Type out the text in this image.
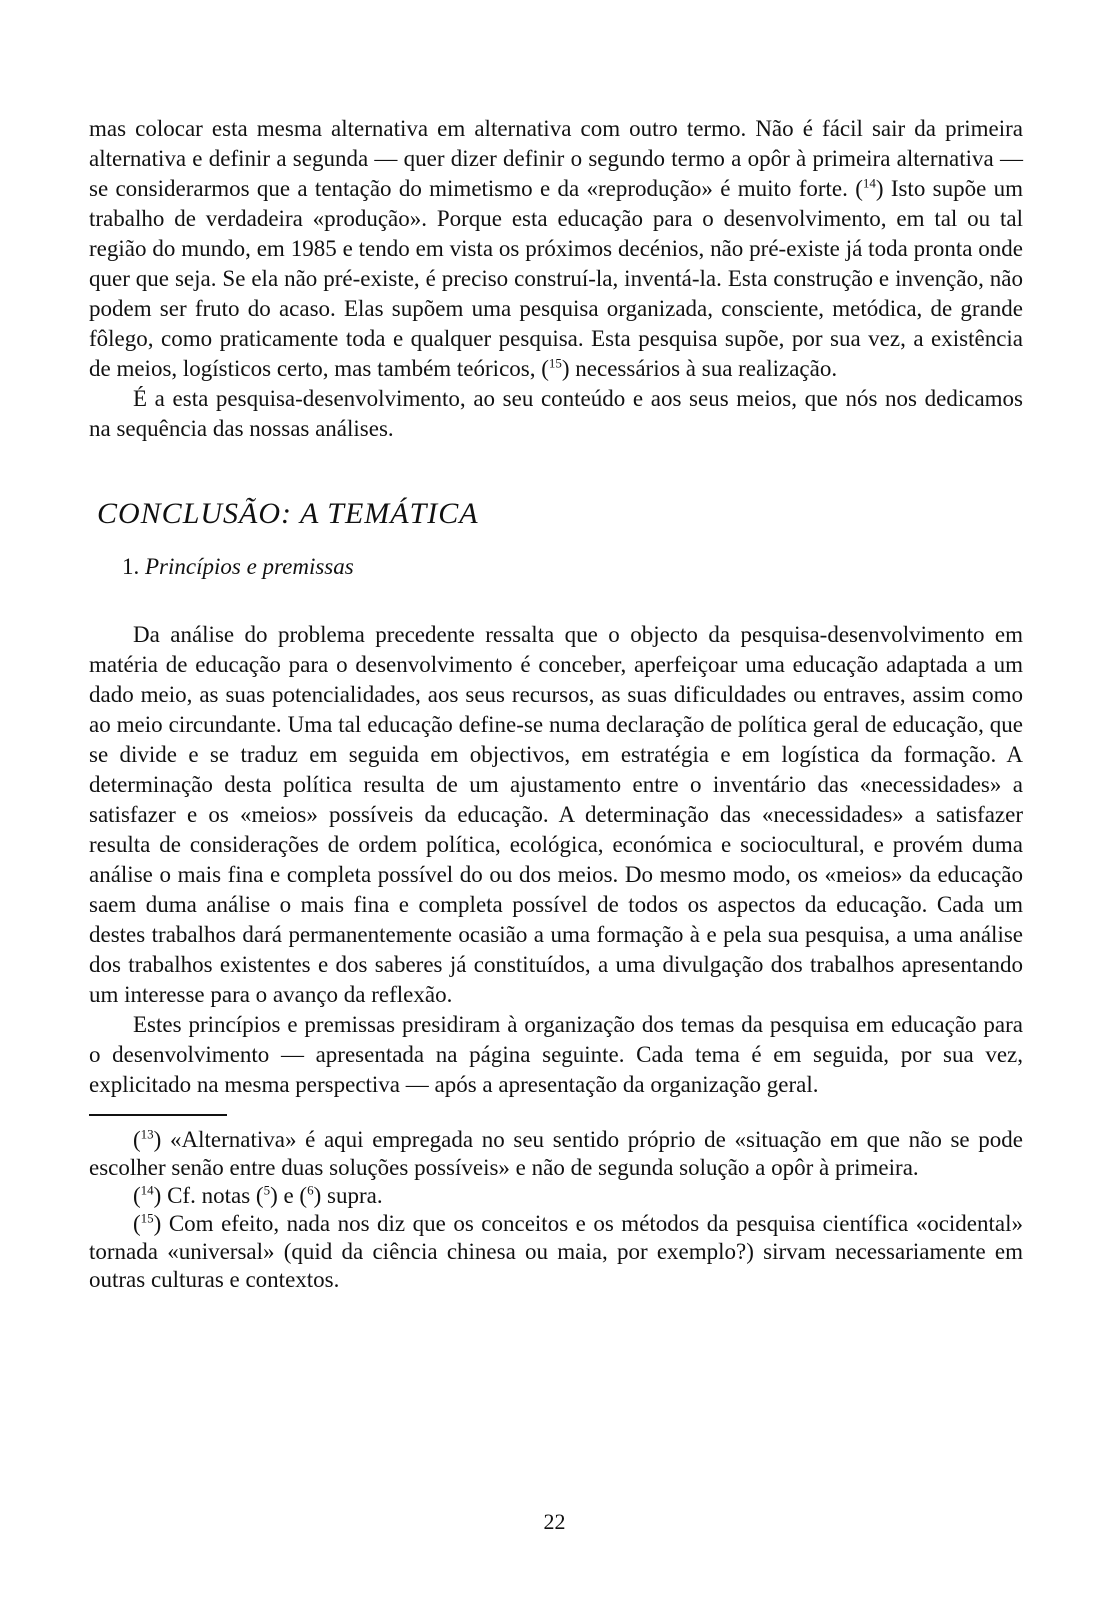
mas colocar esta mesma alternativa em alternativa com outro termo. Não é fácil sair da primeira alternativa e definir a segunda — quer dizer definir o segundo termo a opôr à primeira alternativa — se considerarmos que a tentação do mimetismo e da «reprodução» é muito forte. ($^{14}$) Isto supõe um trabalho de verdadeira «produção». Porque esta educação para o desenvolvimento, em tal ou tal região do mundo, em 1985 e tendo em vista os próximos decénios, não pré-existe já toda pronta onde quer que seja. Se ela não pré-existe, é preciso construí-la, inventá-la. Esta construção e invenção, não podem ser fruto do acaso. Elas supõem uma pesquisa organizada, consciente, metódica, de grande fôlego, como praticamente toda e qualquer pesquisa. Esta pesquisa supõe, por sua vez, a existência de meios, logísticos certo, mas também teóricos, ($^{15}$) necessários à sua realização.

É a esta pesquisa-desenvolvimento, ao seu conteúdo e aos seus meios, que nós nos dedicamos na sequência das nossas análises.

CONCLUSÃO: A TEMÁTICA

1. Princípios e premissas

Da análise do problema precedente ressalta que o objecto da pesquisa-desenvolvimento em matéria de educação para o desenvolvimento é conceber, aperfeiçoar uma educação adaptada a um dado meio, as suas potencialidades, aos seus recursos, as suas dificuldades ou entraves, assim como ao meio circundante. Uma tal educação define-se numa declaração de política geral de educação, que se divide e se traduz em seguida em objectivos, em estratégia e em logística da formação. A determinação desta política resulta de um ajustamento entre o inventário das «necessidades» a satisfazer e os «meios» possíveis da educação. A determinação das «necessidades» a satisfazer resulta de considerações de ordem política, ecológica, económica e sociocultural, e provém duma análise o mais fina e completa possível do ou dos meios. Do mesmo modo, os «meios» da educação saem duma análise o mais fina e completa possível de todos os aspectos da educação. Cada um destes trabalhos dará permanentemente ocasião a uma formação à e pela sua pesquisa, a uma análise dos trabalhos existentes e dos saberes já constituídos, a uma divulgação dos trabalhos apresentando um interesse para o avanço da reflexão.

Estes princípios e premissas presidiram à organização dos temas da pesquisa em educação para o desenvolvimento — apresentada na página seguinte. Cada tema é em seguida, por sua vez, explicitado na mesma perspectiva — após a apresentação da organização geral.

($^{13}$) «Alternativa» é aqui empregada no seu sentido próprio de «situação em que não se pode escolher senão entre duas soluções possíveis» e não de segunda solução a opôr à primeira.

($^{14}$) Cf. notas ($^5$) e ($^6$) supra.

($^{15}$) Com efeito, nada nos diz que os conceitos e os métodos da pesquisa científica «ocidental» tornada «universal» (quid da ciência chinesa ou maia, por exemplo?) sirvam necessariamente em outras culturas e contextos.

22
